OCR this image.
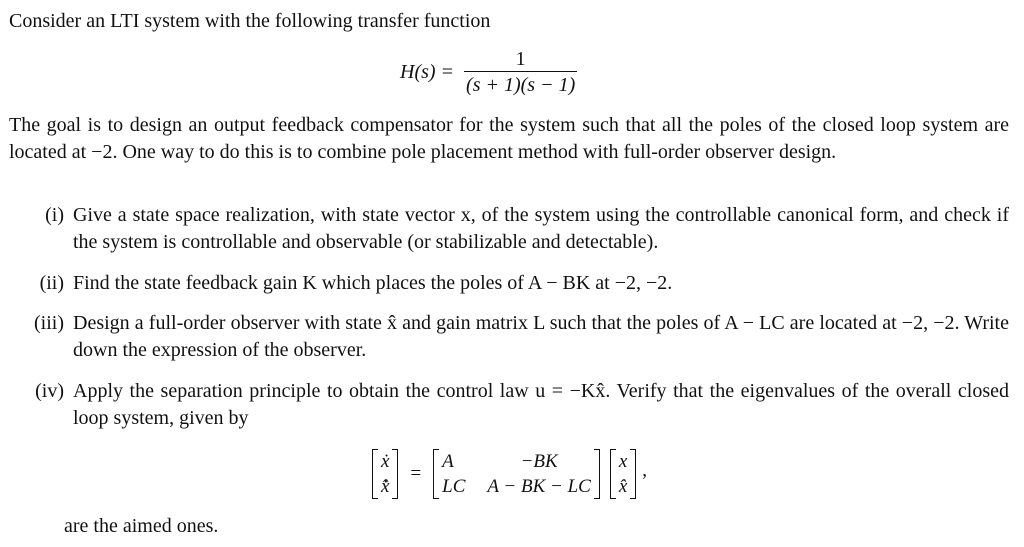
Consider an LTI system with the following transfer function
$H(s) = \frac{1}{(s + 1)(s - 1)}$
The goal is to design an output feedback compensator for the system such that all the poles of the closed loop system are located at −2. One way to do this is to combine pole placement method with full-order observer design.
(i) Give a state space realization, with state vector x, of the system using the controllable canonical form, and check if the system is controllable and observable (or stabilizable and detectable).
(ii) Find the state feedback gain K which places the poles of A − BK at −2, −2.
(iii) Design a full-order observer with state x̂ and gain matrix L such that the poles of A − LC are located at −2, −2. Write down the expression of the observer.
(iv) Apply the separation principle to obtain the control law u = −Kx̂. Verify that the eigenvalues of the overall closed loop system, given by
ẋ
x̂̇
=
A	−BK
LC A − BK − LC
x
x̂
,
are the aimed ones.
